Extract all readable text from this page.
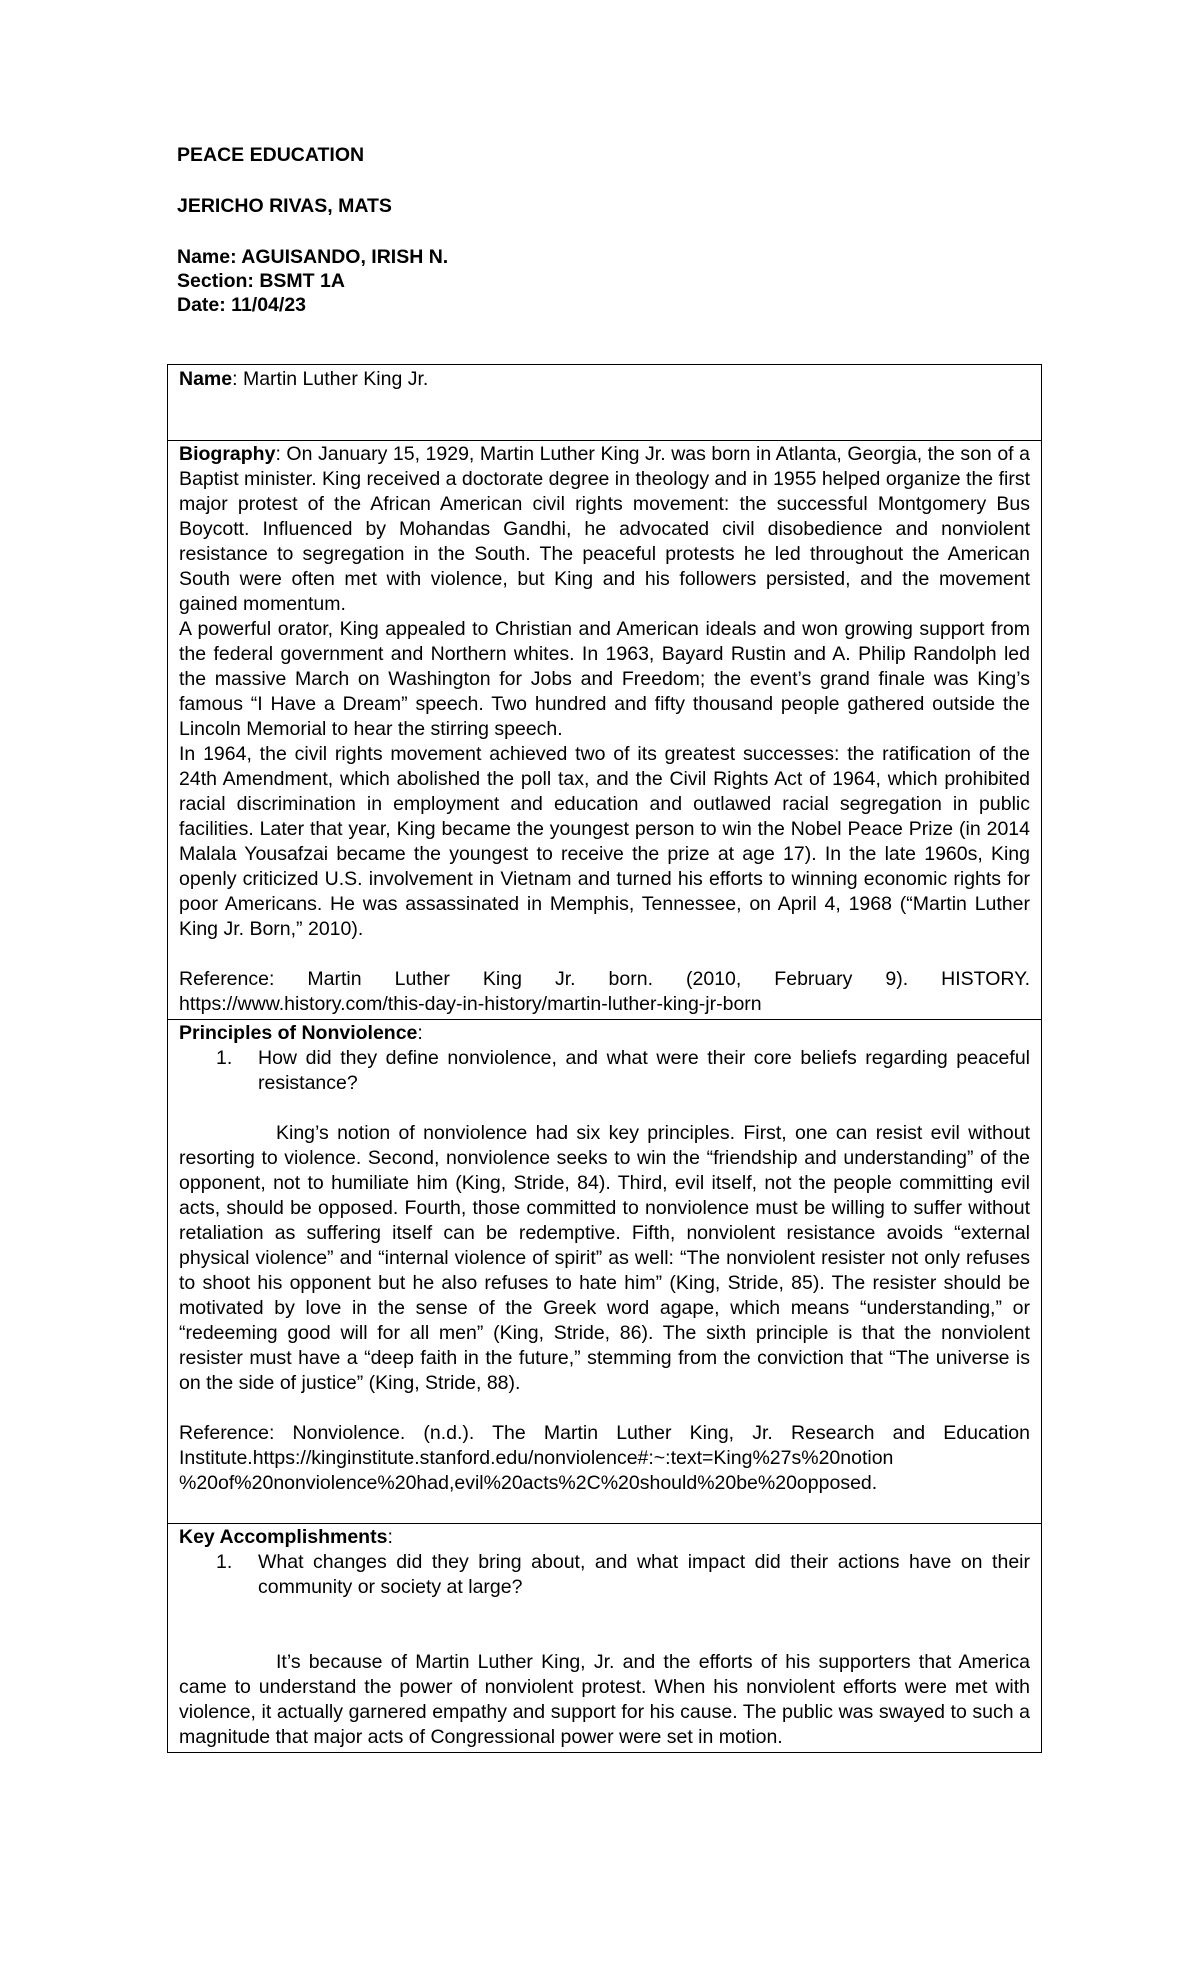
PEACE EDUCATION
JERICHO RIVAS, MATS
Name: AGUISANDO, IRISH N.
Section: BSMT 1A
Date: 11/04/23
Name: Martin Luther King Jr.

Biography: On January 15, 1929, Martin Luther King Jr. was born in Atlanta, Georgia, the son of a Baptist minister. King received a doctorate degree in theology and in 1955 helped organize the first major protest of the African American civil rights movement: the successful Montgomery Bus Boycott. Influenced by Mohandas Gandhi, he advocated civil disobedience and nonviolent resistance to segregation in the South. The peaceful protests he led throughout the American South were often met with violence, but King and his followers persisted, and the movement gained momentum.

A powerful orator, King appealed to Christian and American ideals and won growing support from the federal government and Northern whites. In 1963, Bayard Rustin and A. Philip Randolph led the massive March on Washington for Jobs and Freedom; the event’s grand finale was King’s famous “I Have a Dream” speech. Two hundred and fifty thousand people gathered outside the Lincoln Memorial to hear the stirring speech.

In 1964, the civil rights movement achieved two of its greatest successes: the ratification of the 24th Amendment, which abolished the poll tax, and the Civil Rights Act of 1964, which prohibited racial discrimination in employment and education and outlawed racial segregation in public facilities. Later that year, King became the youngest person to win the Nobel Peace Prize (in 2014 Malala Yousafzai became the youngest to receive the prize at age 17). In the late 1960s, King openly criticized U.S. involvement in Vietnam and turned his efforts to winning economic rights for poor Americans. He was assassinated in Memphis, Tennessee, on April 4, 1968 (“Martin Luther King Jr. Born,” 2010).

Reference: Martin Luther King Jr. born. (2010, February 9). HISTORY.

https://www.history.com/this-day-in-history/martin-luther-king-jr-born

Principles of Nonviolence:

1.	How did they define nonviolence, and what were their core beliefs regarding peaceful resistance?

King’s notion of nonviolence had six key principles. First, one can resist evil without resorting to violence. Second, nonviolence seeks to win the “friendship and understanding” of the opponent, not to humiliate him (King, Stride, 84). Third, evil itself, not the people committing evil acts, should be opposed. Fourth, those committed to nonviolence must be willing to suffer without retaliation as suffering itself can be redemptive. Fifth, nonviolent resistance avoids “external physical violence” and “internal violence of spirit” as well: “The nonviolent resister not only refuses to shoot his opponent but he also refuses to hate him” (King, Stride, 85). The resister should be motivated by love in the sense of the Greek word agape, which means “understanding,” or “redeeming good will for all men” (King, Stride, 86). The sixth principle is that the nonviolent resister must have a “deep faith in the future,” stemming from the conviction that “The universe is on the side of justice” (King, Stride, 88).

Reference: Nonviolence. (n.d.). The Martin Luther King, Jr. Research and Education

Institute.https://kinginstitute.stanford.edu/nonviolence#:~:text=King%27s%20notion

%20of%20nonviolence%20had,evil%20acts%2C%20should%20be%20opposed.

Key Accomplishments:

1.	What changes did they bring about, and what impact did their actions have on their community or society at large?

It’s because of Martin Luther King, Jr. and the efforts of his supporters that America came to understand the power of nonviolent protest. When his nonviolent efforts were met with violence, it actually garnered empathy and support for his cause. The public was swayed to such a magnitude that major acts of Congressional power were set in motion.
